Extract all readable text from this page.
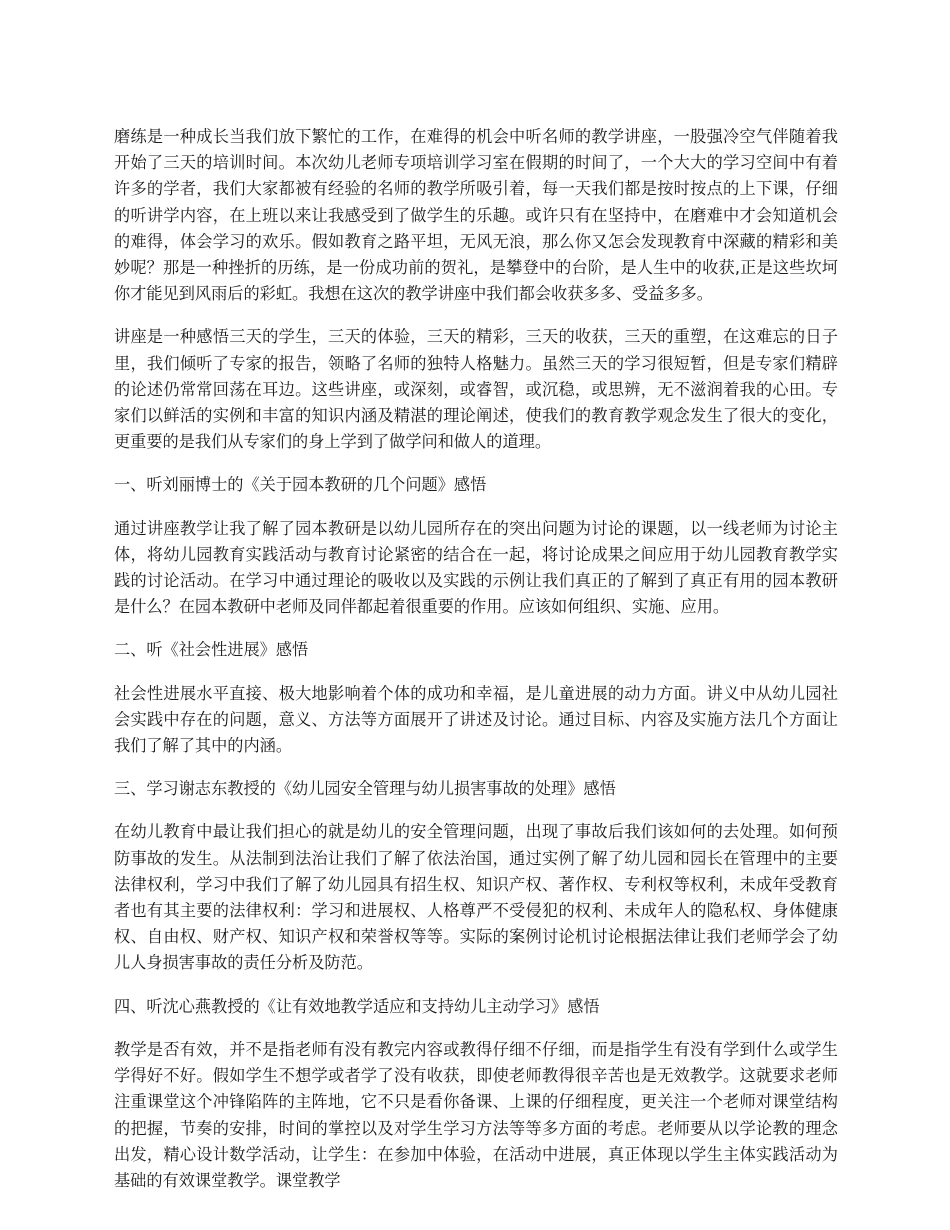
磨练是一种成长当我们放下繁忙的工作，在难得的机会中听名师的教学讲座，一股强冷空气伴随着我开始了三天的培训时间。本次幼儿老师专项培训学习室在假期的时间了，一个大大的学习空间中有着许多的学者，我们大家都被有经验的名师的教学所吸引着，每一天我们都是按时按点的上下课，仔细的听讲学内容，在上班以来让我感受到了做学生的乐趣。或许只有在坚持中，在磨难中才会知道机会的难得，体会学习的欢乐。假如教育之路平坦，无风无浪，那么你又怎会发现教育中深藏的精彩和美妙呢？那是一种挫折的历练，是一份成功前的贺礼，是攀登中的台阶，是人生中的收获,正是这些坎坷你才能见到风雨后的彩虹。我想在这次的教学讲座中我们都会收获多多、受益多多。

讲座是一种感悟三天的学生，三天的体验，三天的精彩，三天的收获，三天的重塑，在这难忘的日子里，我们倾听了专家的报告，领略了名师的独特人格魅力。虽然三天的学习很短暂，但是专家们精辟的论述仍常常回荡在耳边。这些讲座，或深刻，或睿智，或沉稳，或思辨，无不滋润着我的心田。专家们以鲜活的实例和丰富的知识内涵及精湛的理论阐述，使我们的教育教学观念发生了很大的变化，更重要的是我们从专家们的身上学到了做学问和做人的道理。

一、听刘丽博士的《关于园本教研的几个问题》感悟

通过讲座教学让我了解了园本教研是以幼儿园所存在的突出问题为讨论的课题，以一线老师为讨论主体，将幼儿园教育实践活动与教育讨论紧密的结合在一起，将讨论成果之间应用于幼儿园教育教学实践的讨论活动。在学习中通过理论的吸收以及实践的示例让我们真正的了解到了真正有用的园本教研是什么？在园本教研中老师及同伴都起着很重要的作用。应该如何组织、实施、应用。

二、听《社会性进展》感悟

社会性进展水平直接、极大地影响着个体的成功和幸福，是儿童进展的动力方面。讲义中从幼儿园社会实践中存在的问题，意义、方法等方面展开了讲述及讨论。通过目标、内容及实施方法几个方面让我们了解了其中的内涵。

三、学习谢志东教授的《幼儿园安全管理与幼儿损害事故的处理》感悟

在幼儿教育中最让我们担心的就是幼儿的安全管理问题，出现了事故后我们该如何的去处理。如何预防事故的发生。从法制到法治让我们了解了依法治国，通过实例了解了幼儿园和园长在管理中的主要法律权利，学习中我们了解了幼儿园具有招生权、知识产权、著作权、专利权等权利，未成年受教育者也有其主要的法律权利：学习和进展权、人格尊严不受侵犯的权利、未成年人的隐私权、身体健康权、自由权、财产权、知识产权和荣誉权等等。实际的案例讨论机讨论根据法律让我们老师学会了幼儿人身损害事故的责任分析及防范。

四、听沈心燕教授的《让有效地教学适应和支持幼儿主动学习》感悟

教学是否有效，并不是指老师有没有教完内容或教得仔细不仔细，而是指学生有没有学到什么或学生学得好不好。假如学生不想学或者学了没有收获，即使老师教得很辛苦也是无效教学。这就要求老师注重课堂这个冲锋陷阵的主阵地，它不只是看你备课、上课的仔细程度，更关注一个老师对课堂结构的把握，节奏的安排，时间的掌控以及对学生学习方法等等多方面的考虑。老师要从以学论教的理念出发，精心设计数学活动，让学生：在参加中体验，在活动中进展，真正体现以学生主体实践活动为基础的有效课堂教学。课堂教学
